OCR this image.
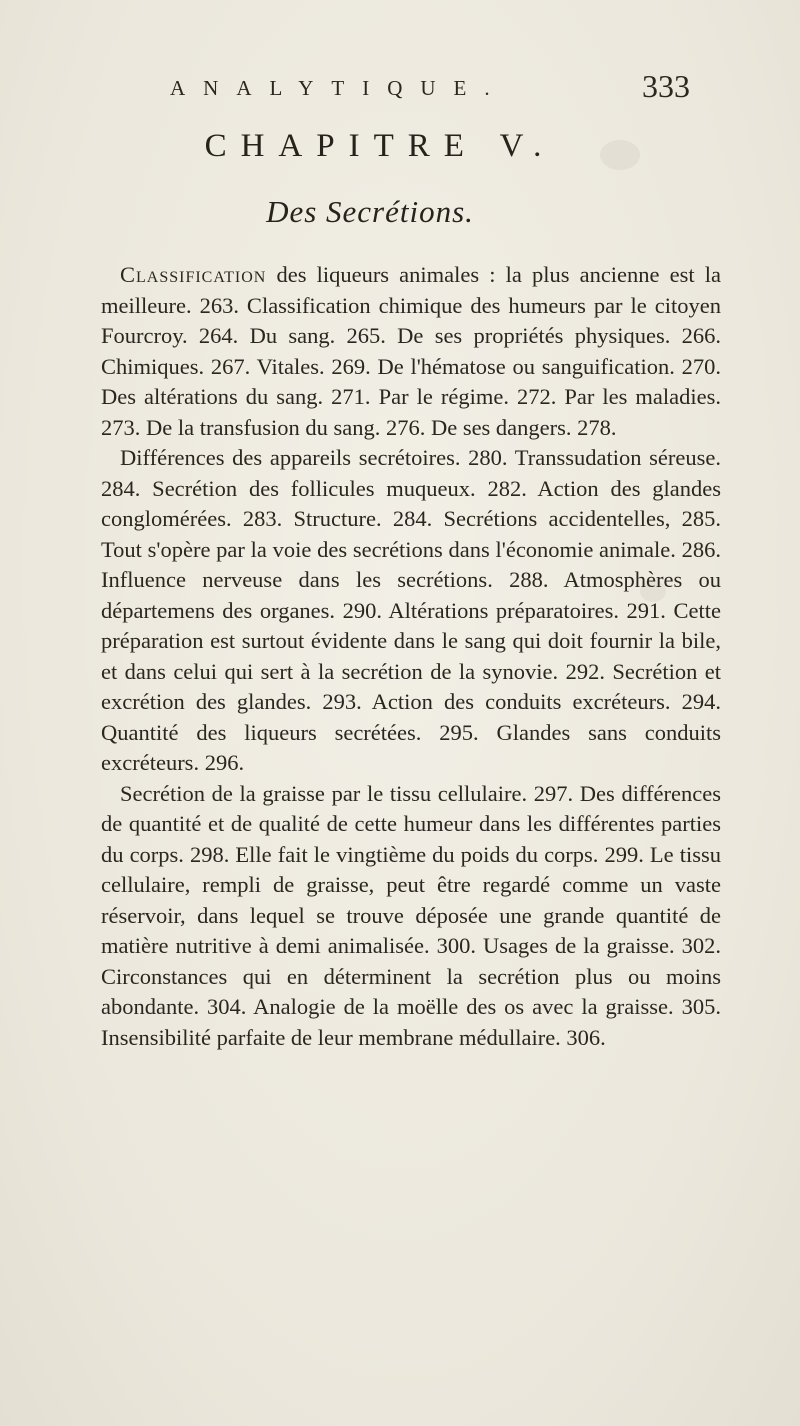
ANALYTIQUE.	333
CHAPITRE V.
Des Secrétions.

Classification des liqueurs animales : la plus ancienne est la meilleure. 263. Classification chimique des humeurs par le citoyen Fourcroy. 264. Du sang. 265. De ses propriétés physiques. 266. Chimiques. 267. Vitales. 269. De l'hématose ou sanguification. 270. Des altérations du sang. 271. Par le régime. 272. Par les maladies. 273. De la transfusion du sang. 276. De ses dangers. 278.

Différences des appareils secrétoires. 280. Transsudation séreuse. 284. Secrétion des follicules muqueux. 282. Action des glandes conglomérées. 283. Structure. 284. Secrétions accidentelles, 285. Tout s'opère par la voie des secrétions dans l'économie animale. 286. Influence nerveuse dans les secrétions. 288. Atmosphères ou départemens des organes. 290. Altérations préparatoires. 291. Cette préparation est surtout évidente dans le sang qui doit fournir la bile, et dans celui qui sert à la secrétion de la synovie. 292. Secrétion et excrétion des glandes. 293. Action des conduits excréteurs. 294. Quantité des liqueurs secrétées. 295. Glandes sans conduits excréteurs. 296.

Secrétion de la graisse par le tissu cellulaire. 297. Des différences de quantité et de qualité de cette humeur dans les différentes parties du corps. 298. Elle fait le vingtième du poids du corps. 299. Le tissu cellulaire, rempli de graisse, peut être regardé comme un vaste réservoir, dans lequel se trouve déposée une grande quantité de matière nutritive à demi animalisée. 300. Usages de la graisse. 302. Circonstances qui en déterminent la secrétion plus ou moins abondante. 304. Analogie de la moëlle des os avec la graisse. 305. Insensibilité parfaite de leur membrane médullaire. 306.
